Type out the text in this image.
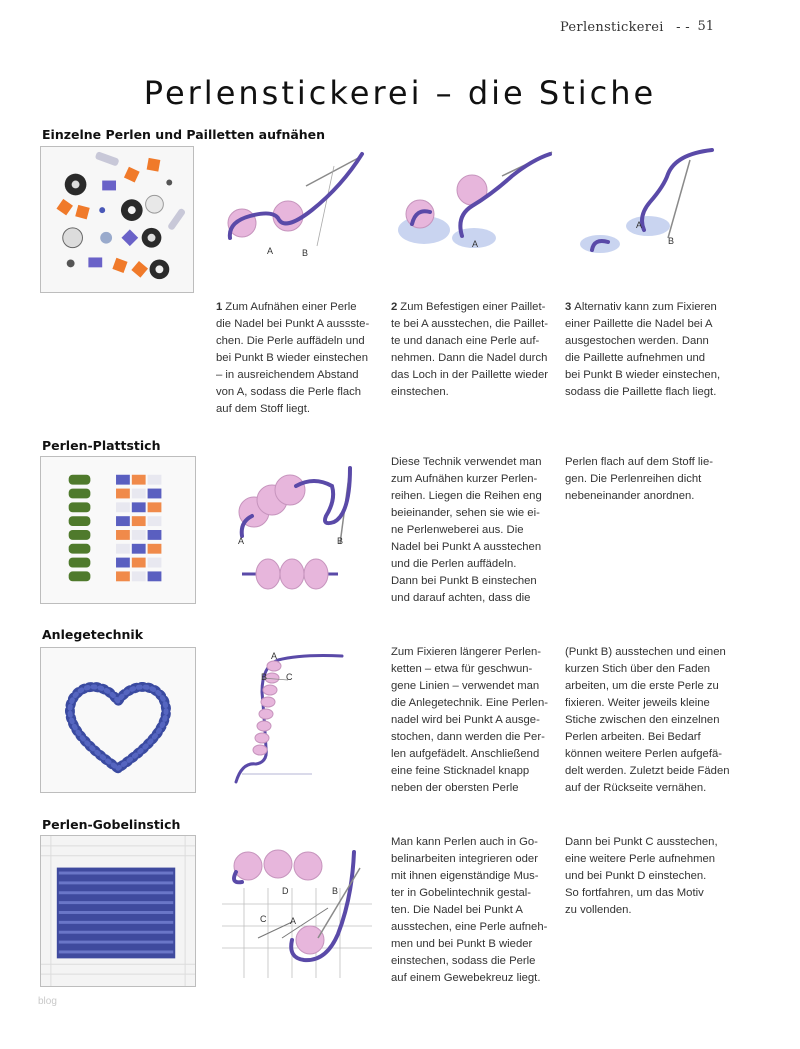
Perlenstickerei - - 51
Perlenstickerei – die Stiche
Einzelne Perlen und Pailletten aufnähen
A	B
A
A
B
1 Zum Aufnähen einer Perle
die Nadel bei Punkt A aussste-
chen. Die Perle auffädeln und
bei Punkt B wieder einstechen
– in ausreichendem Abstand
von A, sodass die Perle flach
auf dem Stoff liegt.
2 Zum Befestigen einer Paillet-
te bei A ausstechen, die Paillet-
te und danach eine Perle auf-
nehmen. Dann die Nadel durch
das Loch in der Paillette wieder
einstechen.
3 Alternativ kann zum Fixieren
einer Paillette die Nadel bei A
ausgestochen werden. Dann
die Paillette aufnehmen und
bei Punkt B wieder einstechen,
sodass die Paillette flach liegt.
Perlen-Plattstich
A	B
Diese Technik verwendet man
zum Aufnähen kurzer Perlen-
reihen. Liegen die Reihen eng
beieinander, sehen sie wie ei-
ne Perlenweberei aus. Die
Nadel bei Punkt A ausstechen
und die Perlen auffädeln.
Dann bei Punkt B einstechen
und darauf achten, dass die
Perlen flach auf dem Stoff lie-
gen. Die Perlenreihen dicht
nebeneinander anordnen.
Anlegetechnik
A
B C
Zum Fixieren längerer Perlen-
ketten – etwa für geschwun-
gene Linien – verwendet man
die Anlegetechnik. Eine Perlen-
nadel wird bei Punkt A ausge-
stochen, dann werden die Per-
len aufgefädelt. Anschließend
eine feine Sticknadel knapp
neben der obersten Perle
(Punkt B) ausstechen und einen
kurzen Stich über den Faden
arbeiten, um die erste Perle zu
fixieren. Weiter jeweils kleine
Stiche zwischen den einzelnen
Perlen arbeiten. Bei Bedarf
können weitere Perlen aufgefä-
delt werden. Zuletzt beide Fäden
auf der Rückseite vernähen.
Perlen-Gobelinstich
D	B
C	A
Man kann Perlen auch in Go-
belinarbeiten integrieren oder
mit ihnen eigenständige Mus-
ter in Gobelintechnik gestal-
ten. Die Nadel bei Punkt A
ausstechen, eine Perle aufneh-
men und bei Punkt B wieder
einstechen, sodass die Perle
auf einem Gewebekreuz liegt.
Dann bei Punkt C ausstechen,
eine weitere Perle aufnehmen
und bei Punkt D einstechen.
So fortfahren, um das Motiv
zu vollenden.
blog
